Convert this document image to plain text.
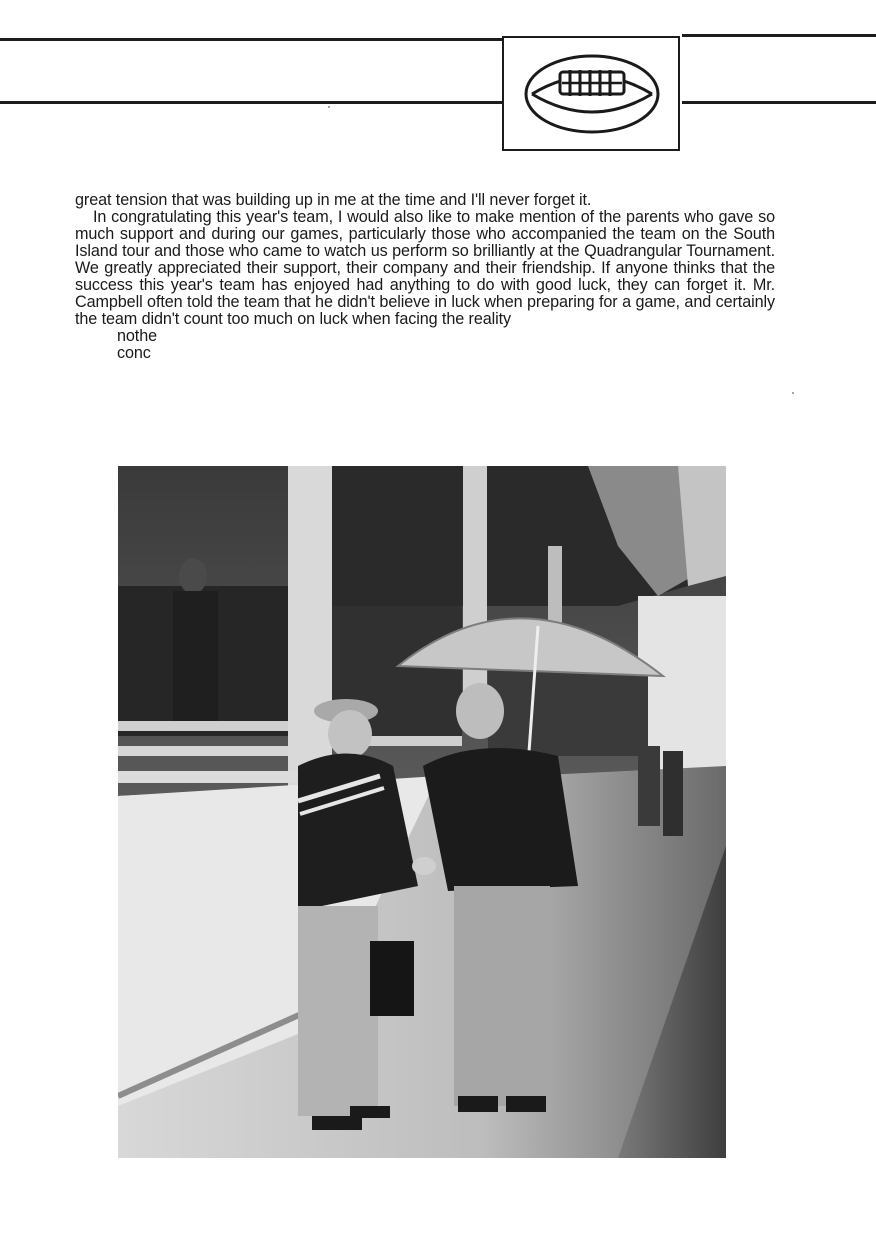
great tension that was building up in me at the time and I'll never forget it.

In congratulating this year's team, I would also like to make mention of the parents who gave so much support and during our games, particularly those who accompanied the team on the South Island tour and those who came to watch us perform so brilliantly at the Quadrangular Tournament. We greatly appreciated their support, their company and their friendship. If anyone thinks that the success this year's team has enjoyed had anything to do with good luck, they can forget it. Mr. Campbell often told the team that he didn't believe in luck when preparing for a game, and certainly the team didn't count too much on luck when facing the reality

nothe
conc
